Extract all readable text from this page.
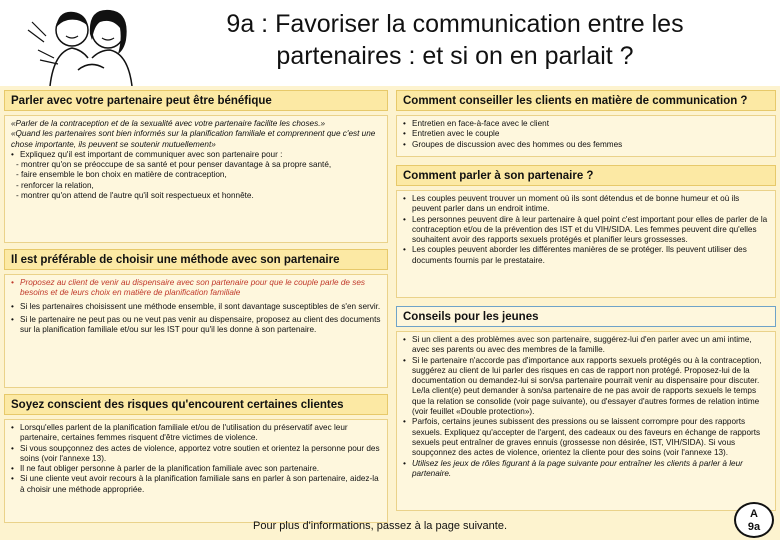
9a : Favoriser la communication entre les
partenaires : et si on en parlait ?
Parler avec votre partenaire peut être bénéfique

«Parler de la contraception et de la sexualité avec votre partenaire facilite les choses.»

«Quand les partenaires sont bien informés sur la planification familiale et comprennent que c'est une chose importante, ils peuvent se soutenir mutuellement»

• Expliquez qu'il est important de communiquer avec son partenaire pour :
- montrer qu'on se préoccupe de sa santé et pour penser davantage à sa propre santé,
- faire ensemble le bon choix en matière de contraception,
- renforcer la relation,
- montrer qu'on attend de l'autre qu'il soit respectueux et honnête.
Il est préférable de choisir une méthode avec son partenaire
• Proposez au client de venir au dispensaire avec son partenaire pour que le couple parle de ses besoins et de leurs choix en matière de planification familiale
• Si les partenaires choisissent une méthode ensemble, il sont davantage susceptibles de s'en servir.
• Si le partenaire ne peut pas ou ne veut pas venir au dispensaire, proposez au client des documents sur la planification familiale et/ou sur les IST pour qu'il les donne à son partenaire.
Soyez conscient des risques qu'encourent certaines clientes
• Lorsqu'elles parlent de la planification familiale et/ou de l'utilisation du préservatif avec leur partenaire, certaines femmes risquent d'être victimes de violence.
• Si vous soupçonnez des actes de violence, apportez votre soutien et orientez la personne pour des soins (voir l'annexe 13).
• Il ne faut obliger personne à parler de la planification familiale avec son partenaire.
• Si une cliente veut avoir recours à la planification familiale sans en parler à son partenaire, aidez-la à choisir une méthode appropriée.
Comment conseiller les clients en matière de communication ?
• Entretien en face-à-face avec le client
• Entretien avec le couple
• Groupes de discussion avec des hommes ou des femmes
Comment parler à son partenaire ?
• Les couples peuvent trouver un moment où ils sont détendus et de bonne humeur et où ils peuvent parler dans un endroit intime.
• Les personnes peuvent dire à leur partenaire à quel point c'est important pour elles de parler de la contraception et/ou de la prévention des IST et du VIH/SIDA. Les femmes peuvent dire qu'elles souhaitent avoir des rapports sexuels protégés et planifier leurs grossesses.
• Les couples peuvent aborder les différentes manières de se protéger. Ils peuvent utiliser des documents fournis par le prestataire.
Conseils pour les jeunes
• Si un client a des problèmes avec son partenaire, suggérez-lui d'en parler avec un ami intime, avec ses parents ou avec des membres de la famille.
• Si le partenaire n'accorde pas d'importance aux rapports sexuels protégés ou à la contraception, suggérez au client de lui parler des risques en cas de rapport non protégé. Proposez-lui de la documentation ou demandez-lui si son/sa partenaire pourrait venir au dispensaire pour discuter. Le/la client(e) peut demander à son/sa partenaire de ne pas avoir de rapports sexuels le temps que la relation se consolide (voir page suivante), ou d'essayer d'autres formes de relation intime (voir feuillet «Double protection»).
• Parfois, certains jeunes subissent des pressions ou se laissent corrompre pour des rapports sexuels. Expliquez qu'accepter de l'argent, des cadeaux ou des faveurs en échange de rapports sexuels peut entraîner de graves ennuis (grossesse non désirée, IST, VIH/SIDA). Si vous soupçonnez des actes de violence, orientez la cliente pour des soins (voir l'annexe 13).
• Utilisez les jeux de rôles figurant à la page suivante pour entraîner les clients à parler à leur partenaire.
Pour plus d'informations, passez à la page suivante.
A
9a
